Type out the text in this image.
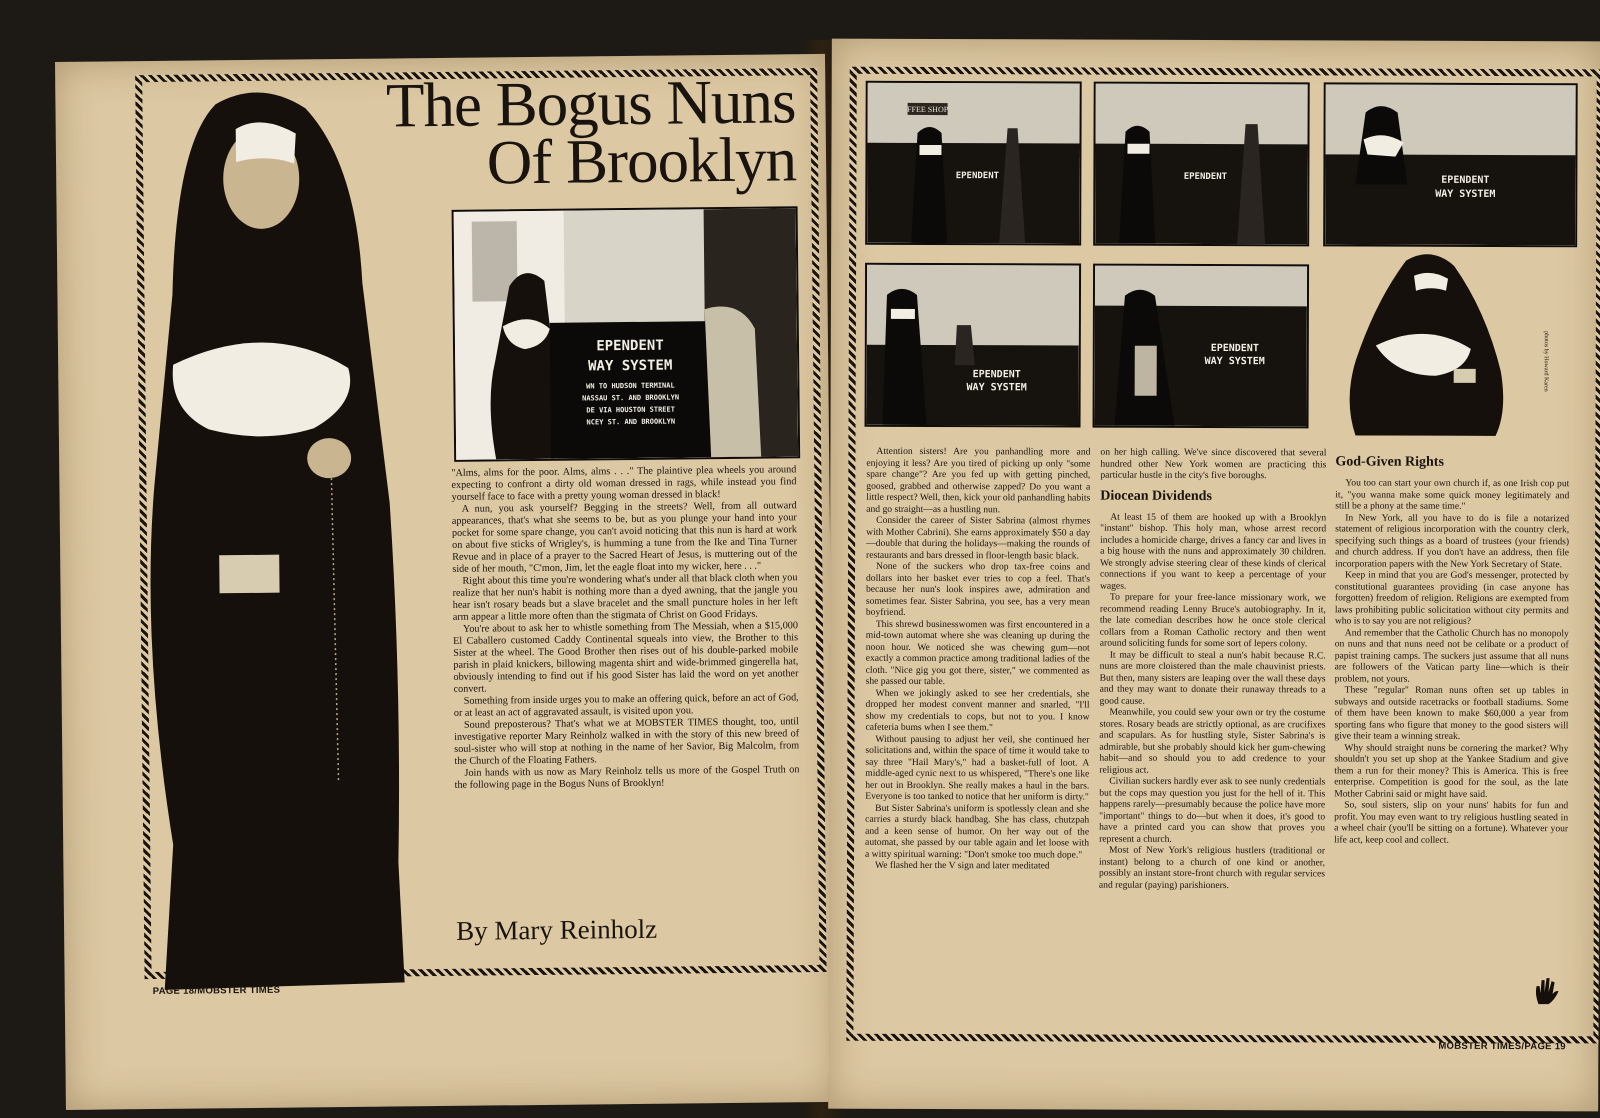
The Bogus Nuns
Of Brooklyn
EPENDENT
WAY SYSTEM
WN TO HUDSON TERMINAL
NASSAU ST. AND BROOKLYN
DE VIA HOUSTON STREET
NCEY ST. AND BROOKLYN

"Alms, alms for the poor. Alms, alms . . ." The plaintive plea wheels you around expecting to confront a dirty old woman dressed in rags, while instead you find yourself face to face with a pretty young woman dressed in black!

A nun, you ask yourself? Begging in the streets? Well, from all outward appearances, that's what she seems to be, but as you plunge your hand into your pocket for some spare change, you can't avoid noticing that this nun is hard at work on about five sticks of Wrigley's, is humming a tune from the Ike and Tina Turner Revue and in place of a prayer to the Sacred Heart of Jesus, is muttering out of the side of her mouth, "C'mon, Jim, let the eagle float into my wicker, here . . ."

Right about this time you're wondering what's under all that black cloth when you realize that her nun's habit is nothing more than a dyed awning, that the jangle you hear isn't rosary beads but a slave bracelet and the small puncture holes in her left arm appear a little more often than the stigmata of Christ on Good Fridays.

You're about to ask her to whistle something from The Messiah, when a $15,000 El Caballero customed Caddy Continental squeals into view, the Brother to this Sister at the wheel. The Good Brother then rises out of his double-parked mobile parish in plaid knickers, billowing magenta shirt and wide-brimmed gingerella hat, obviously intending to find out if his good Sister has laid the word on yet another convert.

Something from inside urges you to make an offering quick, before an act of God, or at least an act of aggravated assault, is visited upon you.

Sound preposterous? That's what we at MOBSTER TIMES thought, too, until investigative reporter Mary Reinholz walked in with the story of this new breed of soul-sister who will stop at nothing in the name of her Savior, Big Malcolm, from the Church of the Floating Fathers.

Join hands with us now as Mary Reinholz tells us more of the Gospel Truth on the following page in the Bogus Nuns of Brooklyn!

By Mary Reinholz
PAGE 18/MOBSTER TIMES
FFEE SHOP
EPENDENT	EPENDENT	EPENDENT
WAY SYSTEM
EPENDENT
WAY SYSTEM
EPENDENT
WAY SYSTEM	photos by Howard Karen

Attention sisters! Are you panhandling more and enjoying it less? Are you tired of picking up only "some spare change"? Are you fed up with getting pinched, goosed, grabbed and otherwise zapped? Do you want a little respect? Well, then, kick your old panhandling habits and go straight—as a hustling nun.

Consider the career of Sister Sabrina (almost rhymes with Mother Cabrini). She earns approximately $50 a day—double that during the holidays—making the rounds of restaurants and bars dressed in floor-length basic black.

None of the suckers who drop tax-free coins and dollars into her basket ever tries to cop a feel. That's because her nun's look inspires awe, admiration and sometimes fear. Sister Sabrina, you see, has a very mean boyfriend.

This shrewd businesswomen was first encountered in a mid-town automat where she was cleaning up during the noon hour. We noticed she was chewing gum—not exactly a common practice among traditional ladies of the cloth. "Nice gig you got there, sister," we commented as she passed our table.

When we jokingly asked to see her credentials, she dropped her modest convent manner and snarled, "I'll show my credentials to cops, but not to you. I know cafeteria bums when I see them."

Without pausing to adjust her veil, she continued her solicitations and, within the space of time it would take to say three "Hail Mary's," had a basket-full of loot. A middle-aged cynic next to us whispered, "There's one like her out in Brooklyn. She really makes a haul in the bars. Everyone is too tanked to notice that her uniform is dirty."

But Sister Sabrina's uniform is spotlessly clean and she carries a sturdy black handbag. She has class, chutzpah and a keen sense of humor. On her way out of the automat, she passed by our table again and let loose with a witty spiritual warning: "Don't smoke too much dope."

We flashed her the V sign and later meditated

on her high calling. We've since discovered that several hundred other New York women are practicing this particular hustle in the city's five boroughs.

Diocean Dividends

At least 15 of them are hooked up with a Brooklyn "instant" bishop. This holy man, whose arrest record includes a homicide charge, drives a fancy car and lives in a big house with the nuns and approximately 30 children. We strongly advise steering clear of these kinds of clerical connections if you want to keep a percentage of your wages.

To prepare for your free-lance missionary work, we recommend reading Lenny Bruce's autobiography. In it, the late comedian describes how he once stole clerical collars from a Roman Catholic rectory and then went around soliciting funds for some sort of lepers colony.

It may be difficult to steal a nun's habit because R.C. nuns are more cloistered than the male chauvinist priests. But then, many sisters are leaping over the wall these days and they may want to donate their runaway threads to a good cause.

Meanwhile, you could sew your own or try the costume stores. Rosary beads are strictly optional, as are crucifixes and scapulars. As for hustling style, Sister Sabrina's is admirable, but she probably should kick her gum-chewing habit—and so should you to add credence to your religious act.

Civilian suckers hardly ever ask to see nunly credentials but the cops may question you just for the hell of it. This happens rarely—presumably because the police have more "important" things to do—but when it does, it's good to have a printed card you can show that proves you represent a church.

Most of New York's religious hustlers (traditional or instant) belong to a church of one kind or another, possibly an instant store-front church with regular services and regular (paying) parishioners.

God-Given Rights

You too can start your own church if, as one Irish cop put it, "you wanna make some quick money legitimately and still be a phony at the same time."

In New York, all you have to do is file a notarized statement of religious incorporation with the country clerk, specifying such things as a board of trustees (your friends) and church address. If you don't have an address, then file incorporation papers with the New York Secretary of State.

Keep in mind that you are God's messenger, protected by constitutional guarantees providing (in case anyone has forgotten) freedom of religion. Religions are exempted from laws prohibiting public solicitation without city permits and who is to say you are not religious?

And remember that the Catholic Church has no monopoly on nuns and that nuns need not be celibate or a product of papist training camps. The suckers just assume that all nuns are followers of the Vatican party line—which is their problem, not yours.

These "regular" Roman nuns often set up tables in subways and outside racetracks or football stadiums. Some of them have been known to make $60,000 a year from sporting fans who figure that money to the good sisters will give their team a winning streak.

Why should straight nuns be cornering the market? Why shouldn't you set up shop at the Yankee Stadium and give them a run for their money? This is America. This is free enterprise. Competition is good for the soul, as the late Mother Cabrini said or might have said.

So, soul sisters, slip on your nuns' habits for fun and profit. You may even want to try religious hustling seated in a wheel chair (you'll be sitting on a fortune). Whatever your life act, keep cool and collect.

MOBSTER TIMES/PAGE 19
